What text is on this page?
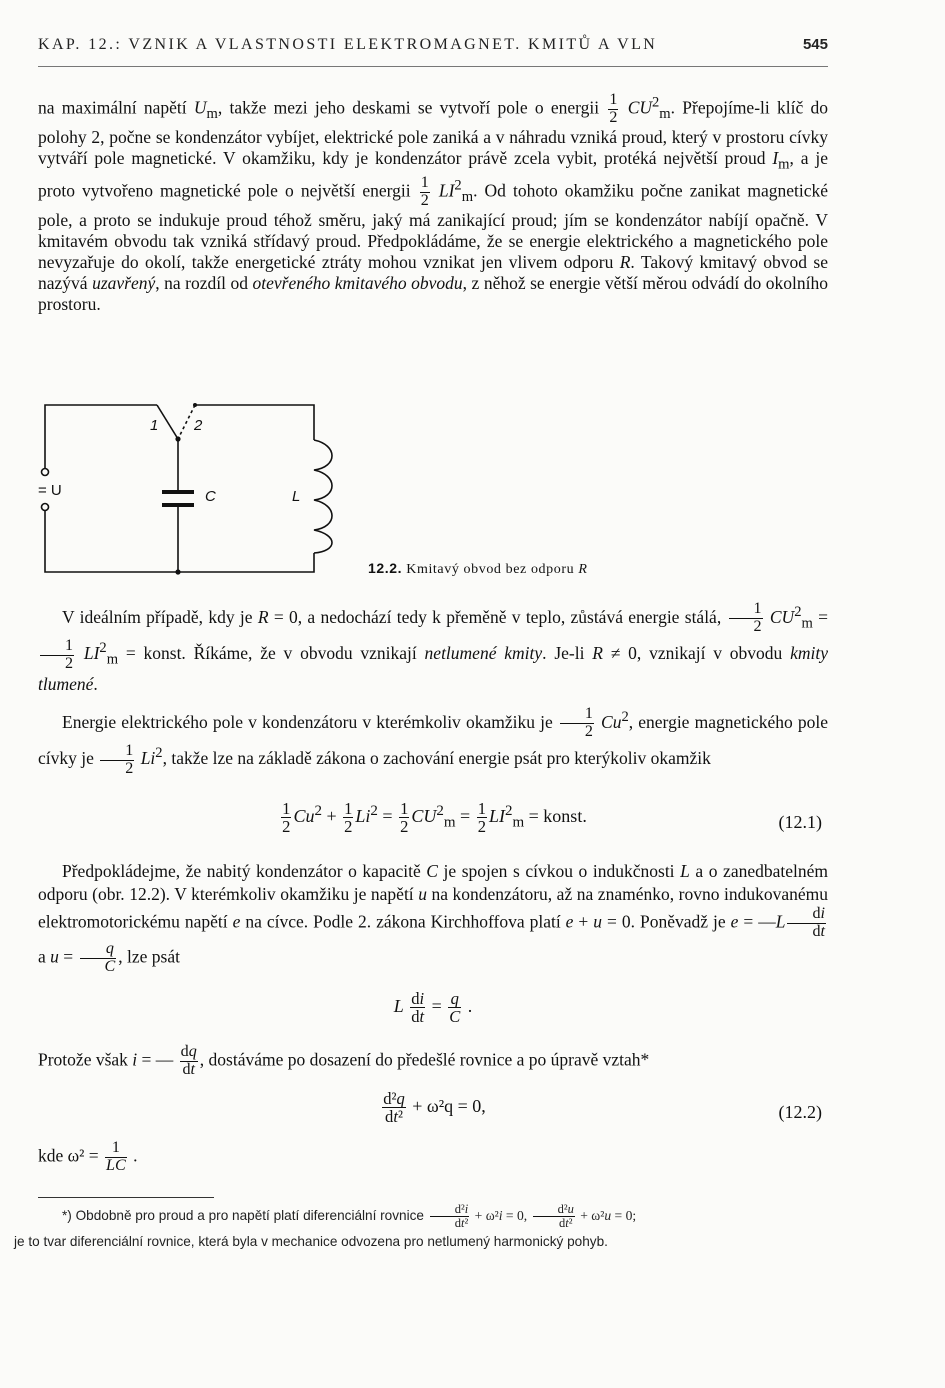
KAP. 12.: VZNIK A VLASTNOSTI ELEKTROMAGNET. KMITŮ A VLN	545
na maximální napětí $U_m$, takže mezi jeho deskami se vytvoří pole o energii $\frac{1}{2} CU^2_m$. Přepojíme-li klíč do polohy 2, počne se kondenzátor vybíjet, elektrické pole zaniká a v náhradu vzniká proud, který v prostoru cívky vytváří pole magnetické. V okamžiku, kdy je kondenzátor právě zcela vybit, protéká největší proud $I_m$, a je proto vytvořeno magnetické pole o největší energii $\frac{1}{2} LI^2_m$. Od tohoto okamžiku počne zanikat magnetické pole, a proto se indukuje proud téhož směru, jaký má zanikající proud; jím se kondenzátor nabíjí opačně. V kmitavém obvodu tak vzniká střídavý proud. Předpokládáme, že se energie elektrického a magnetického pole nevyzařuje do okolí, takže energetické ztráty mohou vznikat jen vlivem odporu R. Takový kmitavý obvod se nazývá uzavřený, na rozdíl od otevřeného kmitavého obvodu, z něhož se energie větší měrou odvádí do okolního prostoru.
1 2
= U	C	L
12.2. Kmitavý obvod bez odporu R
V ideálním případě, kdy je R = 0, a nedochází tedy k přeměně v teplo, zůstává energie stálá, $\frac{1}{2} CU^2_m$ =
$\frac{1}{2} LI^2_m$ = konst. Říkáme, že v obvodu vznikají netlumené kmity. Je-li R ≠ 0, vznikají v obvodu kmity tlumené.
Energie elektrického pole v kondenzátoru v kterémkoliv okamžiku je $\frac{1}{2} Cu^2$, energie magnetického pole cívky je $\frac{1}{2} Li^2$, takže lze na základě zákona o zachování energie psát pro kterýkoliv okamžik
$\frac{1}{2} Cu^2 + \frac{1}{2} Li^2 = \frac{1}{2} CU^2_m = \frac{1}{2} LI^2_m$ = konst.	(12.1)
Předpokládejme, že nabitý kondenzátor o kapacitě C je spojen s cívkou o indukčnosti L a o zanedbatelném odporu (obr. 12.2). V kterémkoliv okamžiku je napětí u na kondenzátoru, až na znaménko, rovno indukovanému elektromotorickému napětí e na cívce. Podle 2. zákona Kirchhoffova platí e + u = 0. Poněvadž je e = —L $\frac{di}{dt}$
a $u = \frac{q}{C}$ , lze psát
L $\frac{di}{dt} = \frac{q}{C}$ .
Protože však i = — $\frac{dq}{dt}$ , dostáváme po dosazení do předešlé rovnice a po úpravě vztah*
$\frac{\text{d²q}}{\text{dt²}} + \omega^2q = 0$,	(12.2)
kde $\omega^2 = \frac{1}{LC}$ .
*) Obdobně pro proud a pro napětí platí diferenciální rovnice $\frac{\text{d²i}}{\text{dt²}} + \omega^2i = 0$, $\frac{\text{d²u}}{\text{dt²}} + \omega^2u = 0$;
je to tvar diferenciální rovnice, která byla v mechanice odvozena pro netlumený harmonický pohyb.
